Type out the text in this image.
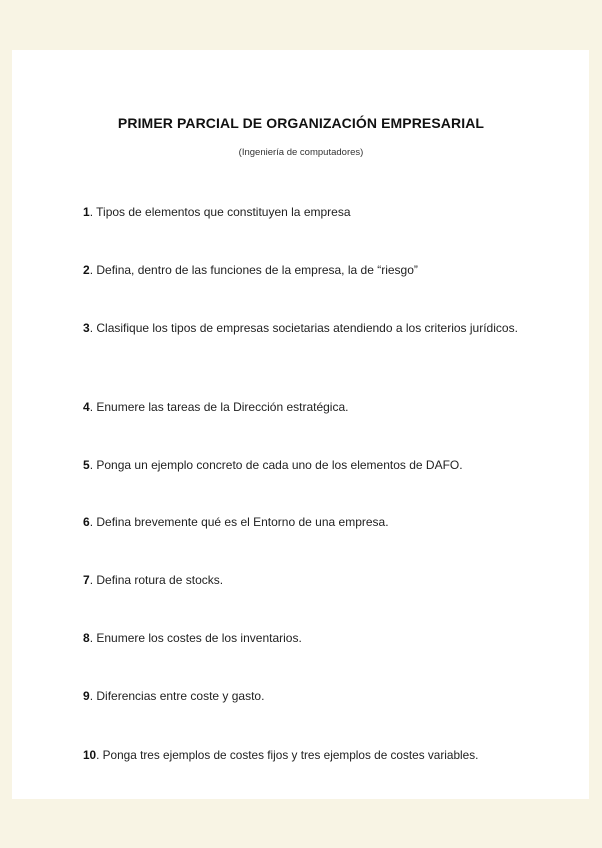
PRIMER PARCIAL DE ORGANIZACIÓN EMPRESARIAL
(Ingeniería de computadores)
1. Tipos de elementos que constituyen la empresa
2. Defina, dentro de las funciones de la empresa, la de “riesgo”
3. Clasifique los tipos de empresas societarias atendiendo a los criterios jurídicos.
4. Enumere las tareas de la Dirección estratégica.
5. Ponga un ejemplo concreto de cada uno de los elementos de DAFO.
6. Defina brevemente qué es el Entorno de una empresa.
7. Defina rotura de stocks.
8. Enumere los costes de los inventarios.
9. Diferencias entre coste y gasto.
10. Ponga tres ejemplos de costes fijos y tres ejemplos de costes variables.
